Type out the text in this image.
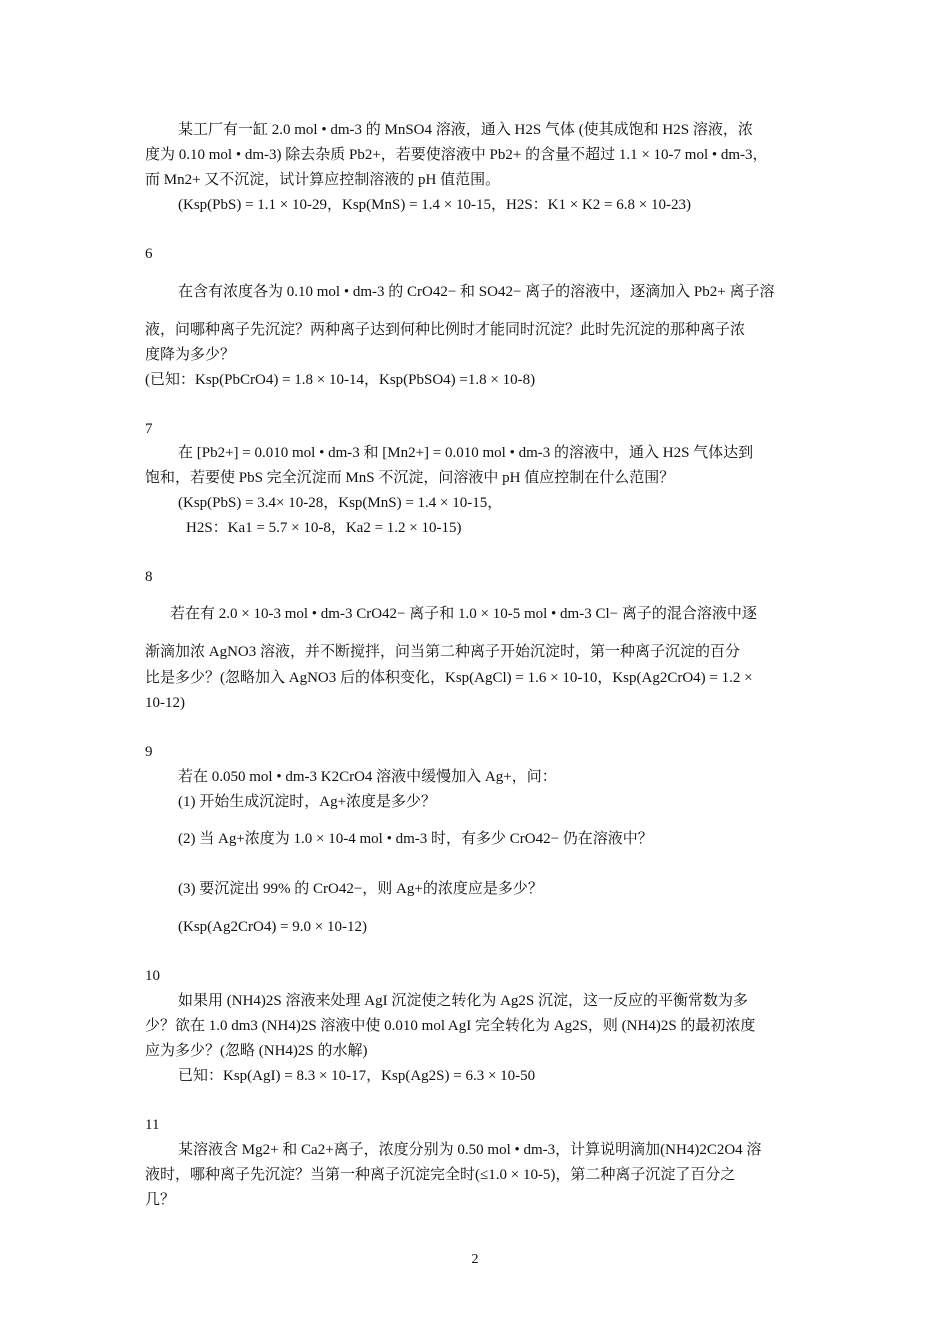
某工厂有一缸 2.0 mol • dm-3 的 MnSO4 溶液，通入 H2S 气体 (使其成饱和 H2S 溶液，浓
度为 0.10 mol • dm-3) 除去杂质 Pb2+，若要使溶液中 Pb2+ 的含量不超过 1.1 × 10-7 mol • dm-3，
而 Mn2+ 又不沉淀，试计算应控制溶液的 pH 值范围。
(Ksp(PbS) = 1.1 × 10-29，Ksp(MnS) = 1.4 × 10-15，H2S：K1 × K2 = 6.8 × 10-23)
6
在含有浓度各为 0.10 mol • dm-3 的 CrO42− 和 SO42− 离子的溶液中，逐滴加入 Pb2+ 离子溶
液，问哪种离子先沉淀？两种离子达到何种比例时才能同时沉淀？此时先沉淀的那种离子浓
度降为多少？
(已知：Ksp(PbCrO4) = 1.8 × 10-14，Ksp(PbSO4) =1.8 × 10-8)
7
在 [Pb2+] = 0.010 mol • dm-3 和 [Mn2+] = 0.010 mol • dm-3 的溶液中，通入 H2S 气体达到
饱和，若要使 PbS 完全沉淀而 MnS 不沉淀，问溶液中 pH 值应控制在什么范围？
(Ksp(PbS) = 3.4× 10-28，Ksp(MnS) = 1.4 × 10-15，
H2S：Ka1 = 5.7 × 10-8，Ka2 = 1.2 × 10-15)
8
若在有 2.0 × 10-3 mol • dm-3 CrO42− 离子和 1.0 × 10-5 mol • dm-3 Cl− 离子的混合溶液中逐
渐滴加浓 AgNO3 溶液，并不断搅拌，问当第二种离子开始沉淀时，第一种离子沉淀的百分
比是多少？(忽略加入 AgNO3 后的体积变化，Ksp(AgCl) = 1.6 × 10-10，Ksp(Ag2CrO4) = 1.2 ×
10-12)
9
若在 0.050 mol • dm-3 K2CrO4 溶液中缓慢加入 Ag+，问：
(1) 开始生成沉淀时，Ag+浓度是多少？
(2) 当 Ag+浓度为 1.0 × 10-4 mol • dm-3 时，有多少 CrO42− 仍在溶液中？
(3) 要沉淀出 99% 的 CrO42−，则 Ag+的浓度应是多少？
(Ksp(Ag2CrO4) = 9.0 × 10-12)
10
如果用 (NH4)2S 溶液来处理 AgI 沉淀使之转化为 Ag2S 沉淀，这一反应的平衡常数为多
少？欲在 1.0 dm3 (NH4)2S 溶液中使 0.010 mol AgI 完全转化为 Ag2S，则 (NH4)2S 的最初浓度
应为多少？(忽略 (NH4)2S 的水解)
已知：Ksp(AgI) = 8.3 × 10-17，Ksp(Ag2S) = 6.3 × 10-50
11
某溶液含 Mg2+ 和 Ca2+离子，浓度分别为 0.50 mol • dm-3，计算说明滴加(NH4)2C2O4 溶
液时，哪种离子先沉淀？当第一种离子沉淀完全时(≤1.0 × 10-5)，第二种离子沉淀了百分之
几？
2
